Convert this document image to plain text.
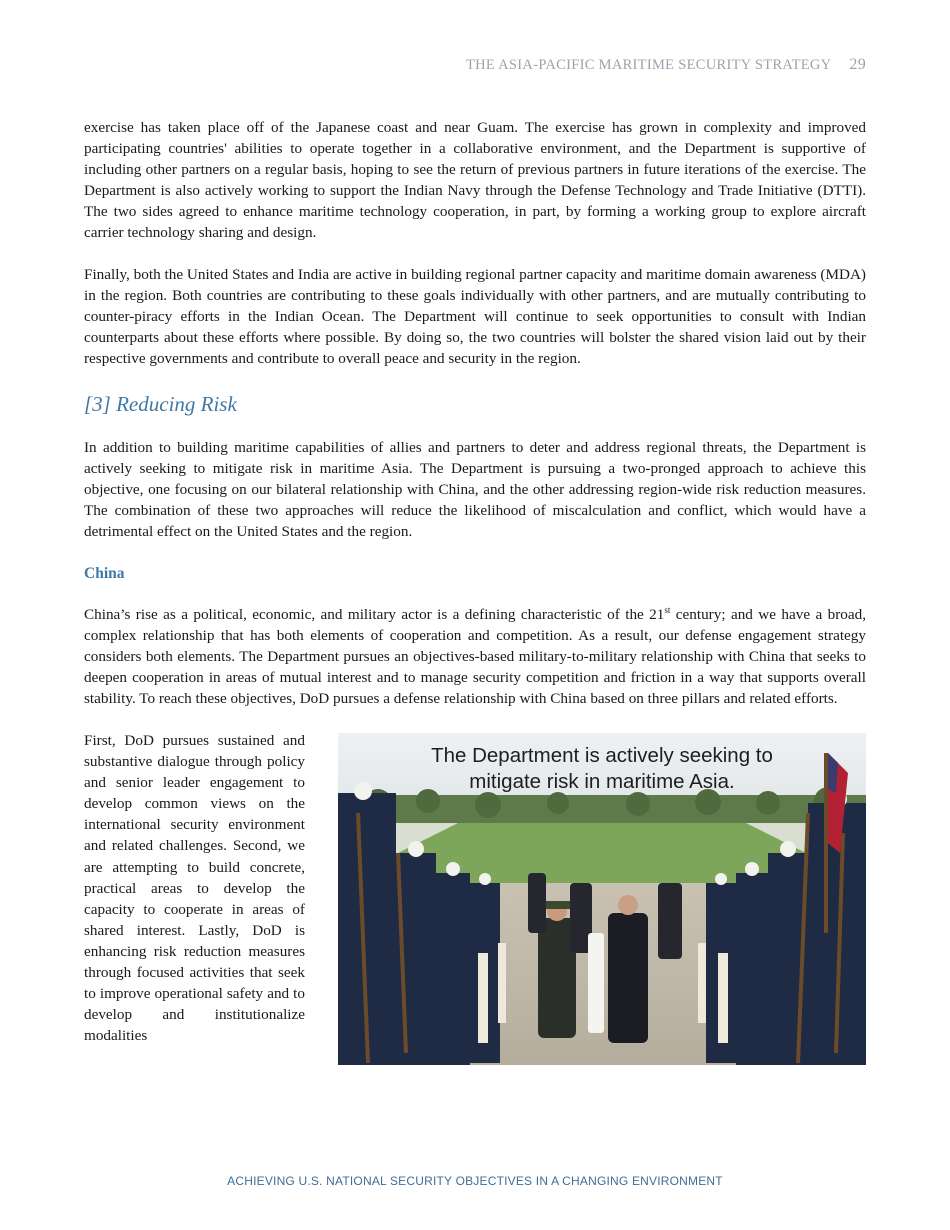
THE ASIA-PACIFIC MARITIME SECURITY STRATEGY 29

exercise has taken place off of the Japanese coast and near Guam. The exercise has grown in complexity and improved participating countries' abilities to operate together in a collaborative environment, and the Department is supportive of including other partners on a regular basis, hoping to see the return of previous partners in future iterations of the exercise. The Department is also actively working to support the Indian Navy through the Defense Technology and Trade Initiative (DTTI). The two sides agreed to enhance maritime technology cooperation, in part, by forming a working group to explore aircraft carrier technology sharing and design.

Finally, both the United States and India are active in building regional partner capacity and maritime domain awareness (MDA) in the region. Both countries are contributing to these goals individually with other partners, and are mutually contributing to counter-piracy efforts in the Indian Ocean. The Department will continue to seek opportunities to consult with Indian counterparts about these efforts where possible. By doing so, the two countries will bolster the shared vision laid out by their respective governments and contribute to overall peace and security in the region.

[3] Reducing Risk

In addition to building maritime capabilities of allies and partners to deter and address regional threats, the Department is actively seeking to mitigate risk in maritime Asia. The Department is pursuing a two-pronged approach to achieve this objective, one focusing on our bilateral relationship with China, and the other addressing region-wide risk reduction measures. The combination of these two approaches will reduce the likelihood of miscalculation and conflict, which would have a detrimental effect on the United States and the region.

China

China’s rise as a political, economic, and military actor is a defining characteristic of the 21st century; and we have a broad, complex relationship that has both elements of cooperation and competition. As a result, our defense engagement strategy considers both elements. The Department pursues an objectives-based military-to-military relationship with China that seeks to deepen cooperation in areas of mutual interest and to manage security competition and friction in a way that supports overall stability. To reach these objectives, DoD pursues a defense relationship with China based on three pillars and related efforts.

First, DoD pursues sustained and substantive dialogue through policy and senior leader engagement to develop common views on the international security environment and related challenges. Second, we are attempting to build concrete, practical areas to develop the capacity to cooperate in areas of shared interest. Lastly, DoD is enhancing risk reduction measures through focused activities that seek to improve operational safety and to develop and institutionalize modalities
The Department is actively seeking to
mitigate risk in maritime Asia.
ACHIEVING U.S. NATIONAL SECURITY OBJECTIVES IN A CHANGING ENVIRONMENT
